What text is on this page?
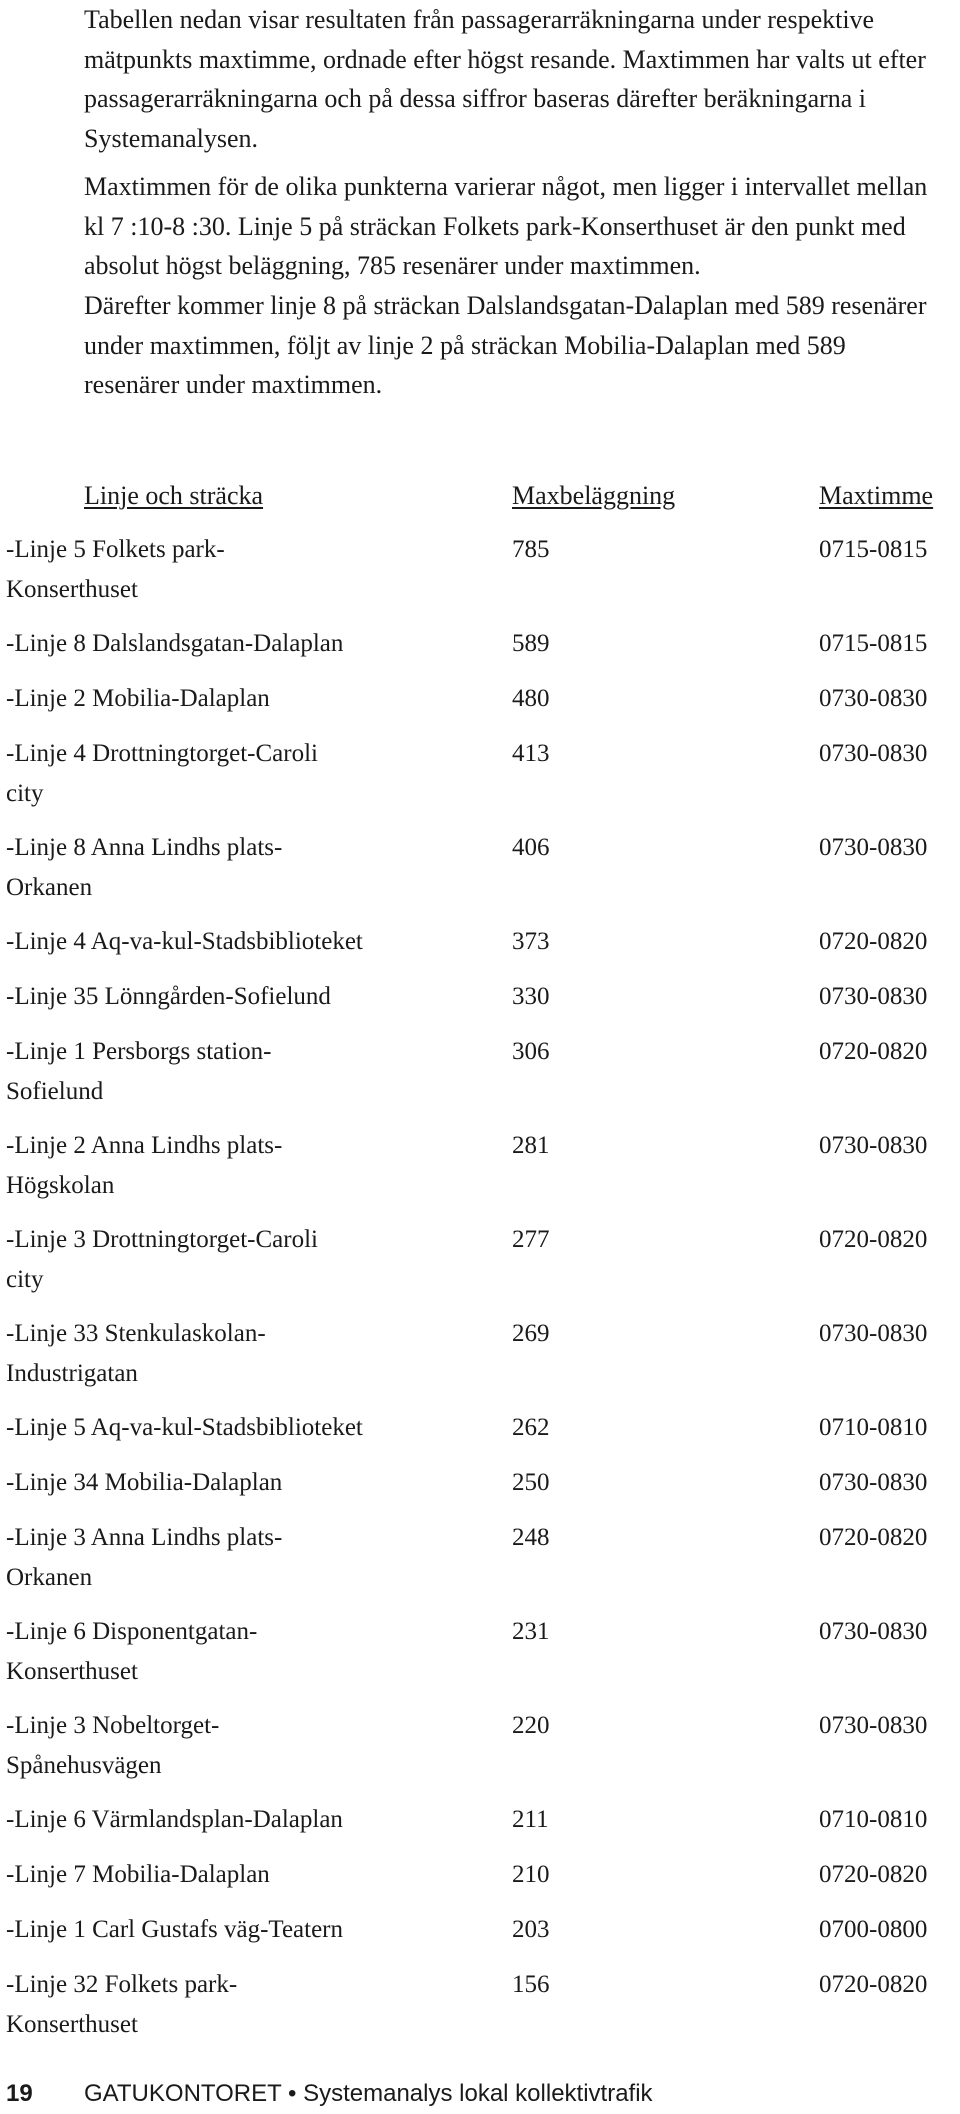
Tabellen nedan visar resultaten från passagerarräkningarna under respektive mätpunkts maxtimme, ordnade efter högst resande. Maxtimmen har valts ut efter passagerarräkningarna och på dessa siffror baseras därefter beräkningarna i Systemanalysen.

Maxtimmen för de olika punkterna varierar något, men ligger i intervallet mellan kl 7 :10-8 :30. Linje 5 på sträckan Folkets park-Konserthuset är den punkt med absolut högst beläggning, 785 resenärer under maxtimmen.

Därefter kommer linje 8 på sträckan Dalslandsgatan-Dalaplan med 589 resenärer under maxtimmen, följt av linje 2 på sträckan Mobilia-Dalaplan med 589 resenärer under maxtimmen.

Linje och sträcka	Maxbeläggning	Maxtimme
-Linje 5 Folkets park-
Konserthuset
785	0715-0815
-Linje 8 Dalslandsgatan-Dalaplan	589	0715-0815
-Linje 2 Mobilia-Dalaplan	480	0730-0830
-Linje 4 Drottningtorget-Caroli
city
413	0730-0830
-Linje 8 Anna Lindhs plats-
Orkanen
406	0730-0830
-Linje 4 Aq-va-kul-Stadsbiblioteket	373	0720-0820
-Linje 35 Lönngården-Sofielund	330	0730-0830
-Linje 1 Persborgs station-
Sofielund
306	0720-0820
-Linje 2 Anna Lindhs plats-
Högskolan
281	0730-0830
-Linje 3 Drottningtorget-Caroli
city
277	0720-0820
-Linje 33 Stenkulaskolan-
Industrigatan
269	0730-0830
-Linje 5 Aq-va-kul-Stadsbiblioteket	262	0710-0810
-Linje 34 Mobilia-Dalaplan	250	0730-0830
-Linje 3 Anna Lindhs plats-
Orkanen
248	0720-0820
-Linje 6 Disponentgatan-
Konserthuset
231	0730-0830
-Linje 3 Nobeltorget-
Spånehusvägen
220	0730-0830
-Linje 6 Värmlandsplan-Dalaplan	211	0710-0810
-Linje 7 Mobilia-Dalaplan	210	0720-0820
-Linje 1 Carl Gustafs väg-Teatern	203	0700-0800
-Linje 32 Folkets park-
Konserthuset
156	0720-0820
19 GATUKONTORET • Systemanalys lokal kollektivtrafik
